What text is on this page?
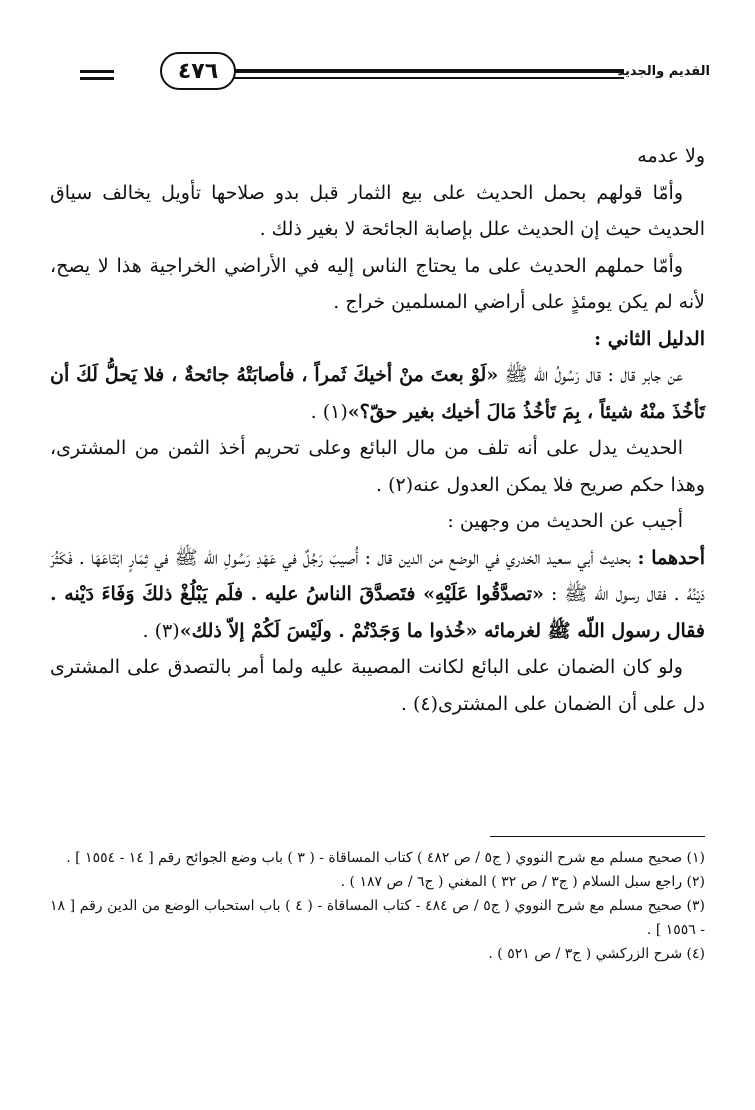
٤٧٦	القديم والجديد

ولا عدمه

وأمّا قولهم بحمل الحديث على بيع الثمار قبل بدو صلاحها تأويل يخالف سياق الحديث حيث إن الحديث علل بإصابة الجائحة لا بغير ذلك .

وأمّا حملهم الحديث على ما يحتاج الناس إليه في الأراضي الخراجية هذا لا يصح، لأنه لم يكن يومئذٍ على أراضي المسلمين خراج .

الدليل الثاني :

عن جابر قال : قال رَسُولُ اللّه ﷺ «لَوْ بعتَ منْ أخيكَ ثَمراً ، فأصابَتْهُ جائحةٌ ، فلا يَحلُّ لَكَ أن تَأخُذَ منْهُ شيئاً ، بِمَ تَأخُذُ مَالَ أخيك بغير حقّ؟»(١) .

الحديث يدل على أنه تلف من مال البائع وعلى تحريم أخذ الثمن من المشترى، وهذا حكم صريح فلا يمكن العدول عنه(٢) .

أجيب عن الحديث من وجهين :

أحدهما : بحديث أبي سعيد الخدري في الوضع من الدين قال : أُصيبَ رَجُلٌ في عَهْدِ رَسُولِ اللّه ﷺ في ثِمَارٍ ابْتَاعَهَا . فَكَثُرَ دَيْنُهُ . فقال رسول اللّه ﷺ : «تصدَّقُوا عَلَيْهِ» فتَصدَّقَ الناسُ عليه . فلَم يَبْلُغْ ذلكَ وَفَاءَ دَيْنه . فقال رسول اللّه ﷺ لغرمائه «خُذوا ما وَجَدْتُمْ . ولَيْسَ لَكُمْ إلاّ ذلك»(٣) .

ولو كان الضمان على البائع لكانت المصيبة عليه ولما أمر بالتصدق على المشترى دل على أن الضمان على المشترى(٤) .

(١) صحيح مسلم مع شرح النووي ( ج٥ / ص ٤٨٢ ) كتاب المساقاة - ( ٣ ) باب وضع الجوائح رقم [ ١٤ - ١٥٥٤ ] .

(٢) راجع سبل السلام ( ج٣ / ص ٣٢ ) المغني ( ج٦ / ص ١٨٧ ) .

(٣) صحيح مسلم مع شرح النووي ( ج٥ / ص ٤٨٤ - كتاب المساقاة - ( ٤ ) باب استحباب الوضع من الدين رقم [ ١٨ - ١٥٥٦ ] .

(٤) شرح الزركشي ( ج٣ / ص ٥٢١ ) .
